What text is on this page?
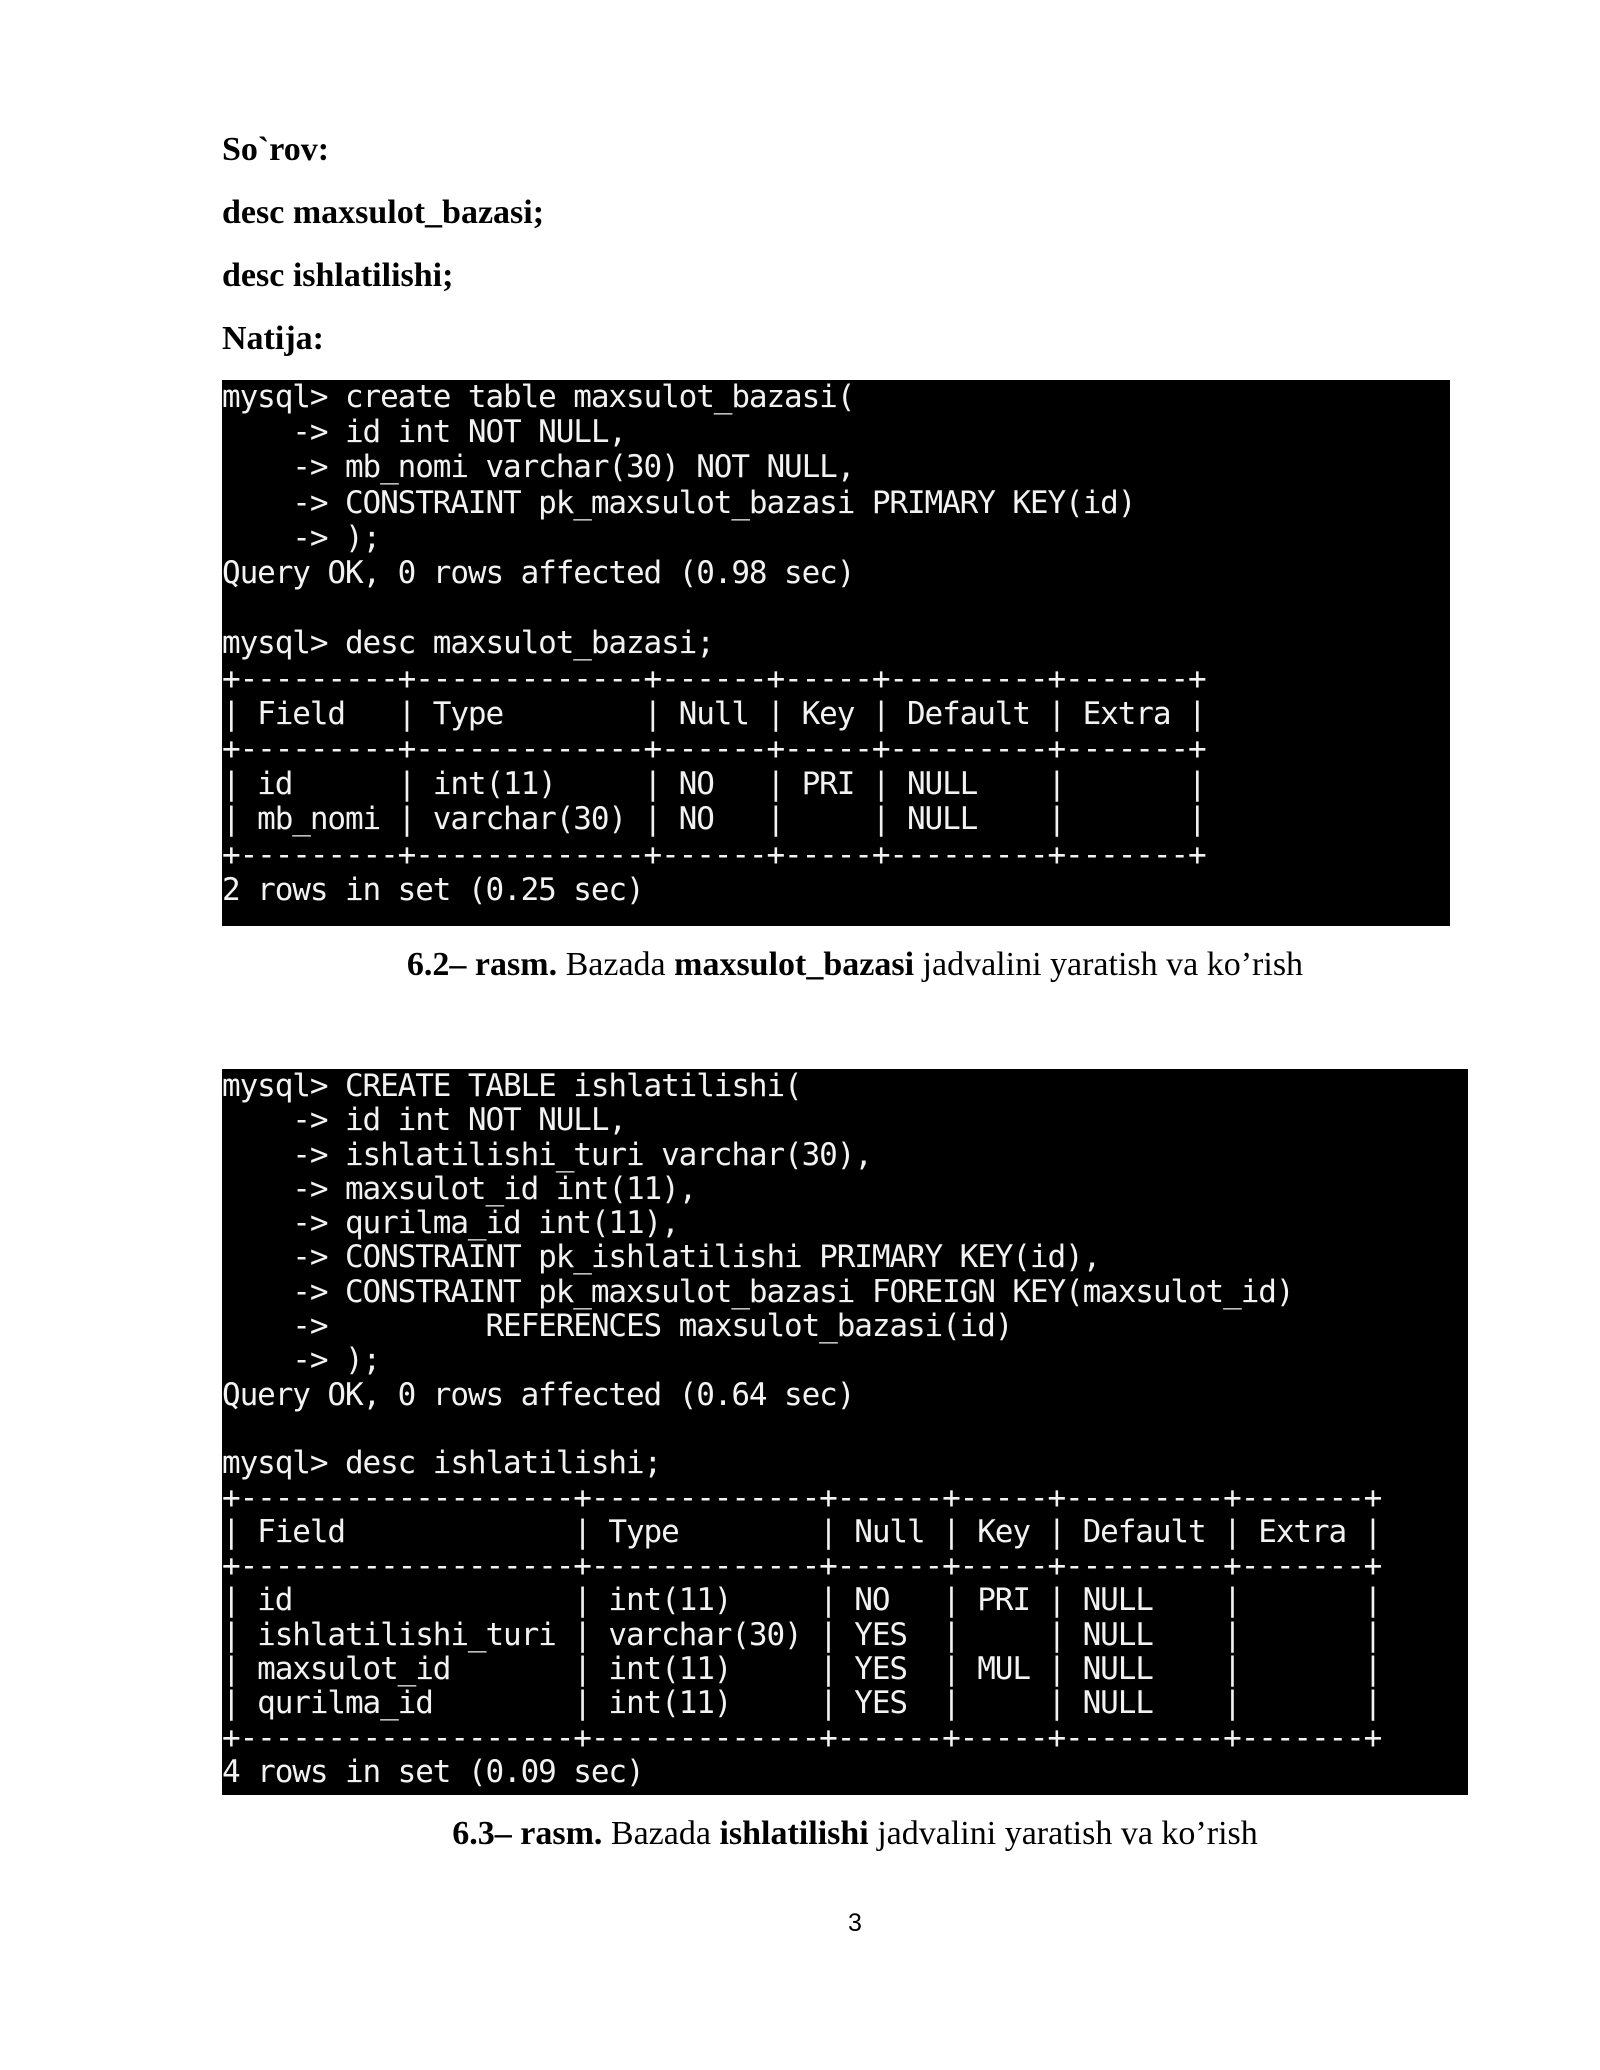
So`rov:
desc maxsulot_bazasi;
desc ishlatilishi;
Natija:
mysql> create table maxsulot_bazasi(
-> id int NOT NULL,
-> mb_nomi varchar(30) NOT NULL,
-> CONSTRAINT pk_maxsulot_bazasi PRIMARY KEY(id)
-> );
Query OK, 0 rows affected (0.98 sec)

mysql> desc maxsulot_bazasi;
+---------+-------------+------+-----+---------+-------+
| Field   | Type        | Null | Key | Default | Extra |
+---------+-------------+------+-----+---------+-------+
| id      | int(11)     | NO   | PRI | NULL    |       |
| mb_nomi | varchar(30) | NO   |     | NULL    |       |
+---------+-------------+------+-----+---------+-------+
2 rows in set (0.25 sec)
6.2– rasm. Bazada maxsulot_bazasi jadvalini yaratish va ko’rish
mysql> CREATE TABLE ishlatilishi(
-> id int NOT NULL,
-> ishlatilishi_turi varchar(30),
-> maxsulot_id int(11),
-> qurilma_id int(11),
-> CONSTRAINT pk_ishlatilishi PRIMARY KEY(id),
-> CONSTRAINT pk_maxsulot_bazasi FOREIGN KEY(maxsulot_id)
->         REFERENCES maxsulot_bazasi(id)
-> );
Query OK, 0 rows affected (0.64 sec)

mysql> desc ishlatilishi;
+-------------------+-------------+------+-----+---------+-------+
| Field             | Type        | Null | Key | Default | Extra |
+-------------------+-------------+------+-----+---------+-------+
| id                | int(11)     | NO   | PRI | NULL    |       |
| ishlatilishi_turi | varchar(30) | YES  |     | NULL    |       |
| maxsulot_id       | int(11)     | YES  | MUL | NULL    |       |
| qurilma_id        | int(11)     | YES  |     | NULL    |       |
+-------------------+-------------+------+-----+---------+-------+
4 rows in set (0.09 sec)
6.3– rasm. Bazada ishlatilishi jadvalini yaratish va ko’rish
3
